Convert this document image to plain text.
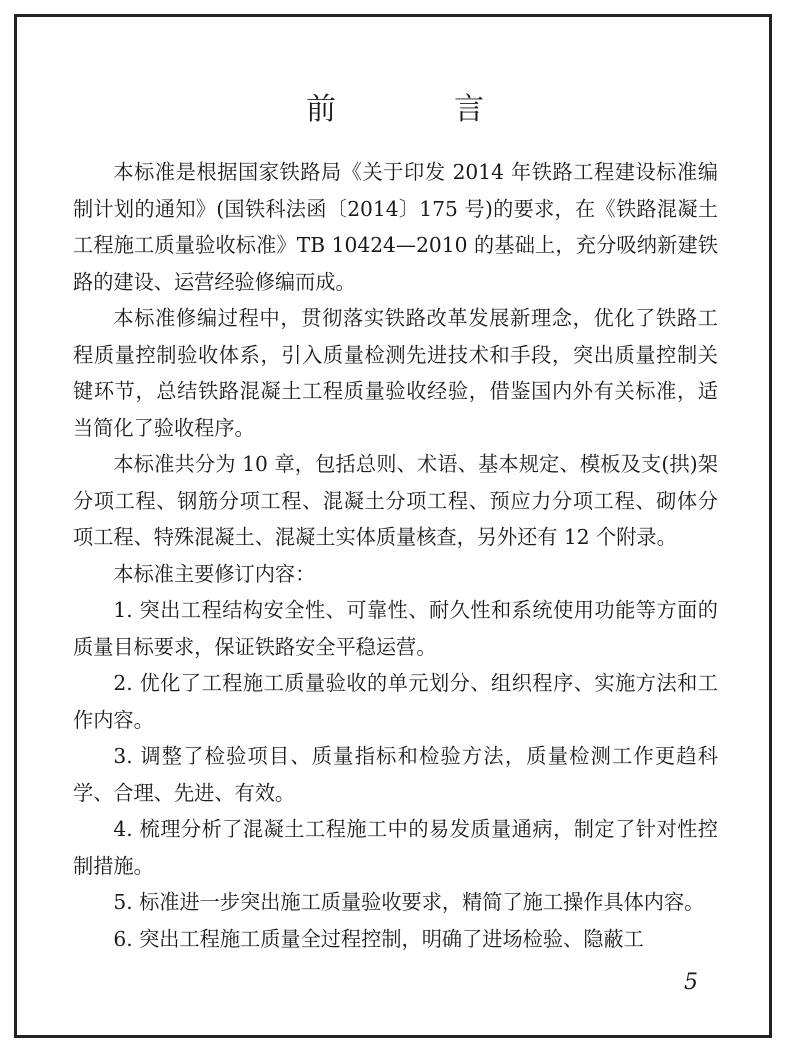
前　言

本标准是根据国家铁路局《关于印发 2014 年铁路工程建设标准编制计划的通知》(国铁科法函〔2014〕175 号)的要求，在《铁路混凝土工程施工质量验收标准》TB 10424—2010 的基础上，充分吸纳新建铁路的建设、运营经验修编而成。

本标准修编过程中，贯彻落实铁路改革发展新理念，优化了铁路工程质量控制验收体系，引入质量检测先进技术和手段，突出质量控制关键环节，总结铁路混凝土工程质量验收经验，借鉴国内外有关标准，适当简化了验收程序。

本标准共分为 10 章，包括总则、术语、基本规定、模板及支(拱)架分项工程、钢筋分项工程、混凝土分项工程、预应力分项工程、砌体分项工程、特殊混凝土、混凝土实体质量核查，另外还有 12 个附录。

本标准主要修订内容：

1. 突出工程结构安全性、可靠性、耐久性和系统使用功能等方面的质量目标要求，保证铁路安全平稳运营。

2. 优化了工程施工质量验收的单元划分、组织程序、实施方法和工作内容。

3. 调整了检验项目、质量指标和检验方法，质量检测工作更趋科学、合理、先进、有效。

4. 梳理分析了混凝土工程施工中的易发质量通病，制定了针对性控制措施。

5. 标准进一步突出施工质量验收要求，精简了施工操作具体内容。

6. 突出工程施工质量全过程控制，明确了进场检验、隐蔽工

5
